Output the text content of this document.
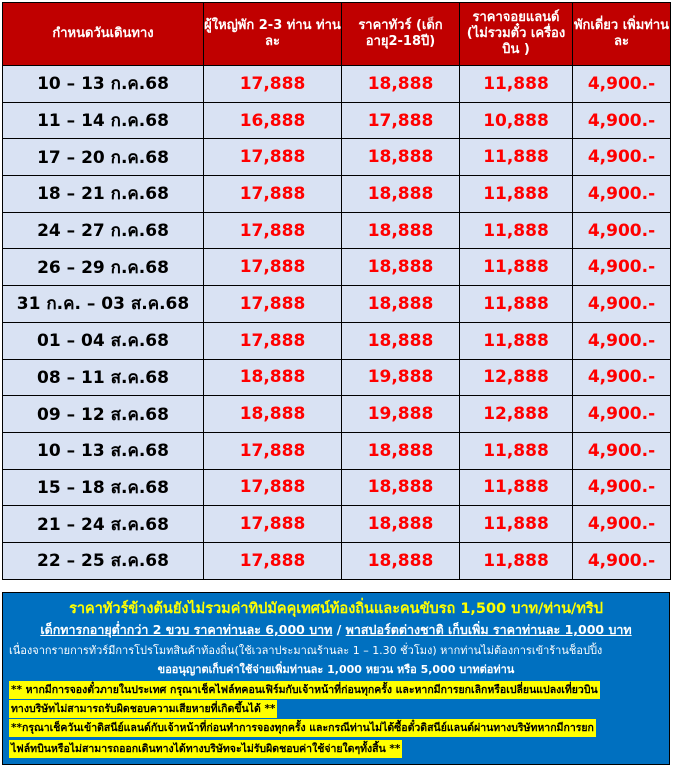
กำหนดวันเดินทาง	ผู้ใหญ่พัก 2-3 ท่าน ท่านละ	ราคาทัวร์ (เด็กอายุ2-18ปี)	ราคาจอยแลนด์ (ไม่รวมตั๋ว เครื่องบิน )	พักเดี่ยว เพิ่มท่านละ
10 – 13 ก.ค.68	17,888	18,888	11,888	4,900.-
11 – 14 ก.ค.68	16,888	17,888	10,888	4,900.-
17 – 20 ก.ค.68	17,888	18,888	11,888	4,900.-
18 – 21 ก.ค.68	17,888	18,888	11,888	4,900.-
24 – 27 ก.ค.68	17,888	18,888	11,888	4,900.-
26 – 29 ก.ค.68	17,888	18,888	11,888	4,900.-
31 ก.ค. – 03 ส.ค.68	17,888	18,888	11,888	4,900.-
01 – 04 ส.ค.68	17,888	18,888	11,888	4,900.-
08 – 11 ส.ค.68	18,888	19,888	12,888	4,900.-
09 – 12 ส.ค.68	18,888	19,888	12,888	4,900.-
10 – 13 ส.ค.68	17,888	18,888	11,888	4,900.-
15 – 18 ส.ค.68	17,888	18,888	11,888	4,900.-
21 – 24 ส.ค.68	17,888	18,888	11,888	4,900.-
22 – 25 ส.ค.68	17,888	18,888	11,888	4,900.-
ราคาทัวร์ข้างต้นยังไม่รวมค่าทิปมัคคุเทศน์ท้องถิ่นและคนขับรถ 1,500 บาท/ท่าน/ทริป
เด็กทารกอายุต่ำกว่า 2 ขวบ ราคาท่านละ 6,000 บาท / พาสปอร์ตต่างชาติ เก็บเพิ่ม ราคาท่านละ 1,000 บาท
เนื่องจากรายการทัวร์มีการโปรโมทสินค้าท้องถิ่น(ใช้เวลาประมาณร้านละ 1 – 1.30 ชั่วโมง) หากท่านไม่ต้องการเข้าร้านช็อปปิ้ง
ขออนุญาตเก็บค่าใช้จ่ายเพิ่มท่านละ 1,000 หยวน หรือ 5,000 บาทต่อท่าน
** หากมีการจองตั๋วภายในประเทศ กรุณาเช็คไฟล์ทคอนเฟิร์มกับเจ้าหน้าที่ก่อนทุกครั้ง และหากมีการยกเลิกหรือเปลี่ยนแปลงเที่ยวบิน
ทางบริษัทไม่สามารถรับผิดชอบความเสียหายที่เกิดขึ้นได้ **
**กรุณาเช็ควันเข้าดิสนีย์แลนด์กับเจ้าหน้าที่ก่อนทำการจองทุกครั้ง และกรณีท่านไม่ได้ซื้อตั๋วดิสนีย์แลนด์ผ่านทางบริษัทหากมีการยก
ไฟล์ทบินหรือไม่สามารถออกเดินทางได้ทางบริษัทจะไม่รับผิดชอบค่าใช้จ่ายใดๆทั้งสิ้น **
